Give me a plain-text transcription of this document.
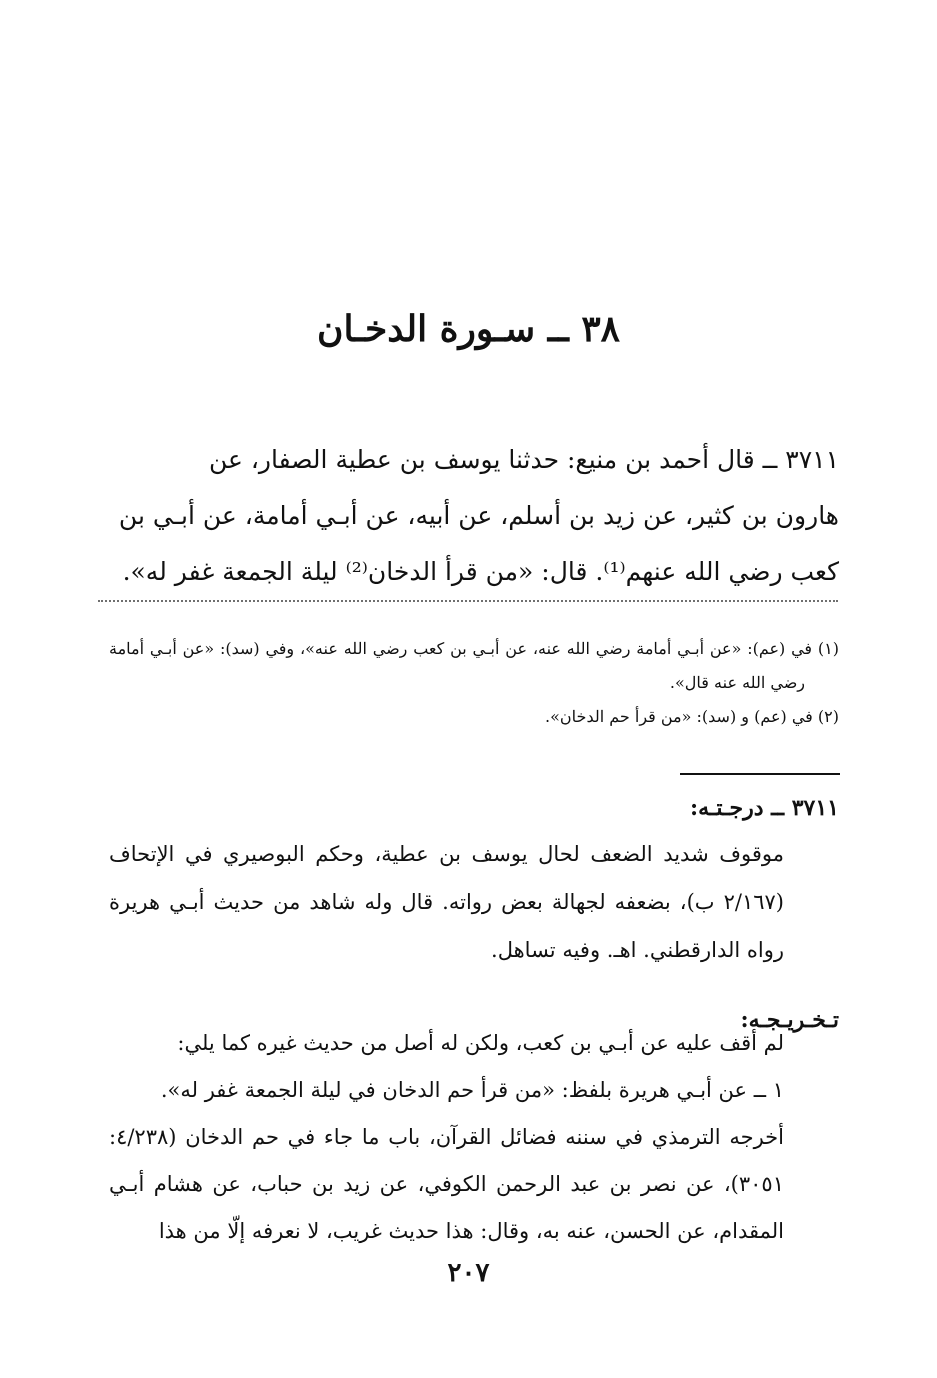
٣٨ ــ سـورة الدخـان

٣٧١١ ــ قال أحمد بن منيع: حدثنا يوسف بن عطية الصفار، عن

هارون بن كثير، عن زيد بن أسلم، عن أبيه، عن أبـي أمامة، عن أبـي بن

كعب رضي الله عنهم⁽¹⁾. قال: «من قرأ الدخان⁽²⁾ ليلة الجمعة غفر له».

(١) في (عم): «عن أبـي أمامة رضي الله عنه، عن أبـي بن كعب رضي الله عنه»، وفي (سد): «عن أبـي أمامة رضي الله عنه قال».

(٢) في (عم) و (سد): «من قرأ حم الدخان».

٣٧١١ ــ درجـتـه:

موقوف شديد الضعف لحال يوسف بن عطية، وحكم البوصيري في الإتحاف (٢/١٦٧ ب)، بضعفه لجهالة بعض رواته. قال وله شاهد من حديث أبـي هريرة رواه الدارقطني. اهـ. وفيه تساهل.

تـخـريـجـه:

لم أقف عليه عن أبـي بن كعب، ولكن له أصل من حديث غيره كما يلي:

١ ــ عن أبـي هريرة بلفظ: «من قرأ حم الدخان في ليلة الجمعة غفر له».

أخرجه الترمذي في سننه فضائل القرآن، باب ما جاء في حم الدخان (٤/٢٣٨: ٣٠٥١)، عن نصر بن عبد الرحمن الكوفي، عن زيد بن حباب، عن هشام أبـي المقدام، عن الحسن، عنه به، وقال: هذا حديث غريب، لا نعرفه إلّا من هذا

٢٠٧
